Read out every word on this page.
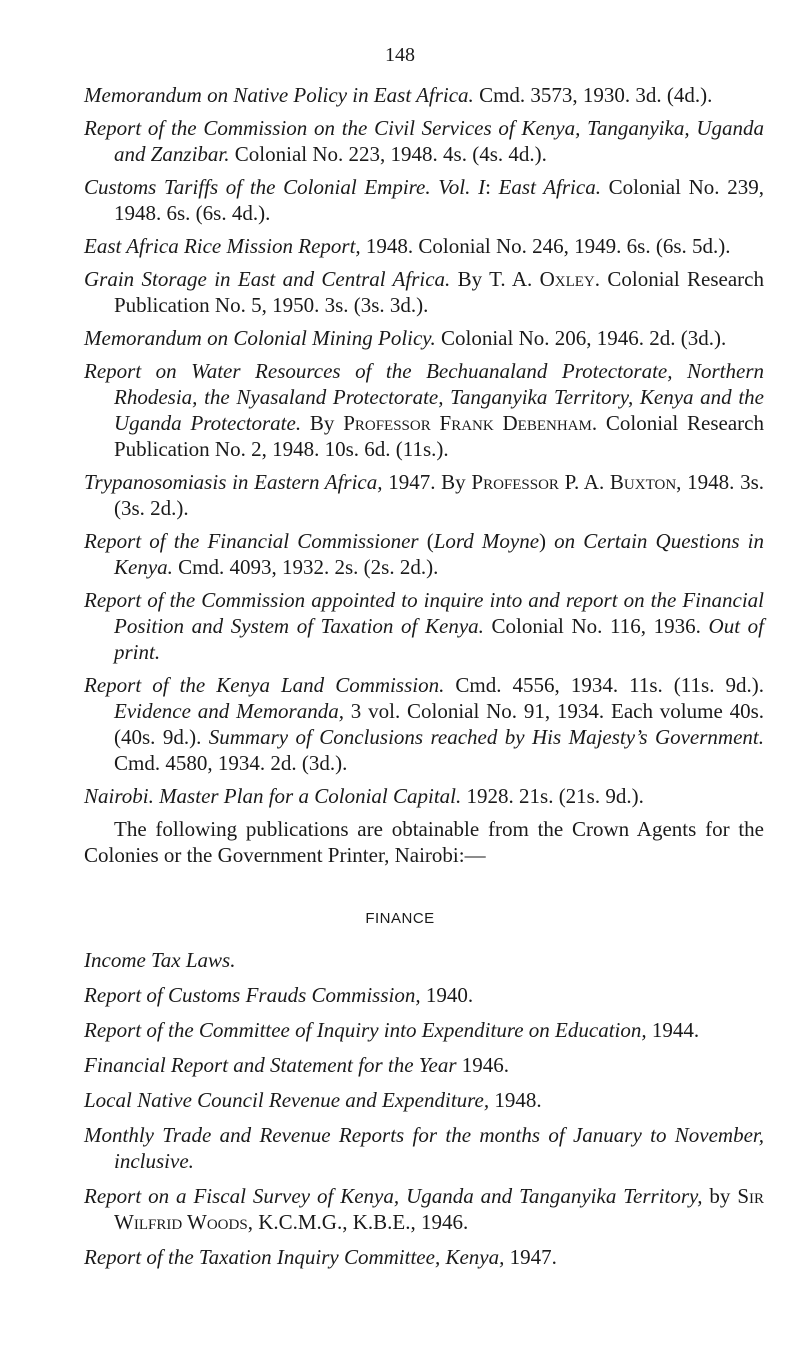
148

Memorandum on Native Policy in East Africa. Cmd. 3573, 1930. 3d. (4d.).

Report of the Commission on the Civil Services of Kenya, Tanganyika, Uganda and Zanzibar. Colonial No. 223, 1948. 4s. (4s. 4d.).

Customs Tariffs of the Colonial Empire. Vol. I: East Africa. Colonial No. 239, 1948. 6s. (6s. 4d.).

East Africa Rice Mission Report, 1948. Colonial No. 246, 1949. 6s. (6s. 5d.).

Grain Storage in East and Central Africa. By T. A. Oxley. Colonial Research Publication No. 5, 1950. 3s. (3s. 3d.).

Memorandum on Colonial Mining Policy. Colonial No. 206, 1946. 2d. (3d.).

Report on Water Resources of the Bechuanaland Protectorate, Northern Rhodesia, the Nyasaland Protectorate, Tanganyika Territory, Kenya and the Uganda Protectorate. By Professor Frank Debenham. Colonial Research Publication No. 2, 1948. 10s. 6d. (11s.).

Trypanosomiasis in Eastern Africa, 1947. By Professor P. A. Buxton, 1948. 3s. (3s. 2d.).

Report of the Financial Commissioner (Lord Moyne) on Certain Questions in Kenya. Cmd. 4093, 1932. 2s. (2s. 2d.).

Report of the Commission appointed to inquire into and report on the Financial Position and System of Taxation of Kenya. Colonial No. 116, 1936. Out of print.

Report of the Kenya Land Commission. Cmd. 4556, 1934. 11s. (11s. 9d.). Evidence and Memoranda, 3 vol. Colonial No. 91, 1934. Each volume 40s. (40s. 9d.). Summary of Conclusions reached by His Majesty’s Government. Cmd. 4580, 1934. 2d. (3d.).

Nairobi. Master Plan for a Colonial Capital. 1928. 21s. (21s. 9d.).

The following publications are obtainable from the Crown Agents for the Colonies or the Government Printer, Nairobi:—

FINANCE

Income Tax Laws.

Report of Customs Frauds Commission, 1940.

Report of the Committee of Inquiry into Expenditure on Education, 1944.

Financial Report and Statement for the Year 1946.

Local Native Council Revenue and Expenditure, 1948.

Monthly Trade and Revenue Reports for the months of January to November, inclusive.

Report on a Fiscal Survey of Kenya, Uganda and Tanganyika Territory, by Sir Wilfrid Woods, K.C.M.G., K.B.E., 1946.

Report of the Taxation Inquiry Committee, Kenya, 1947.
